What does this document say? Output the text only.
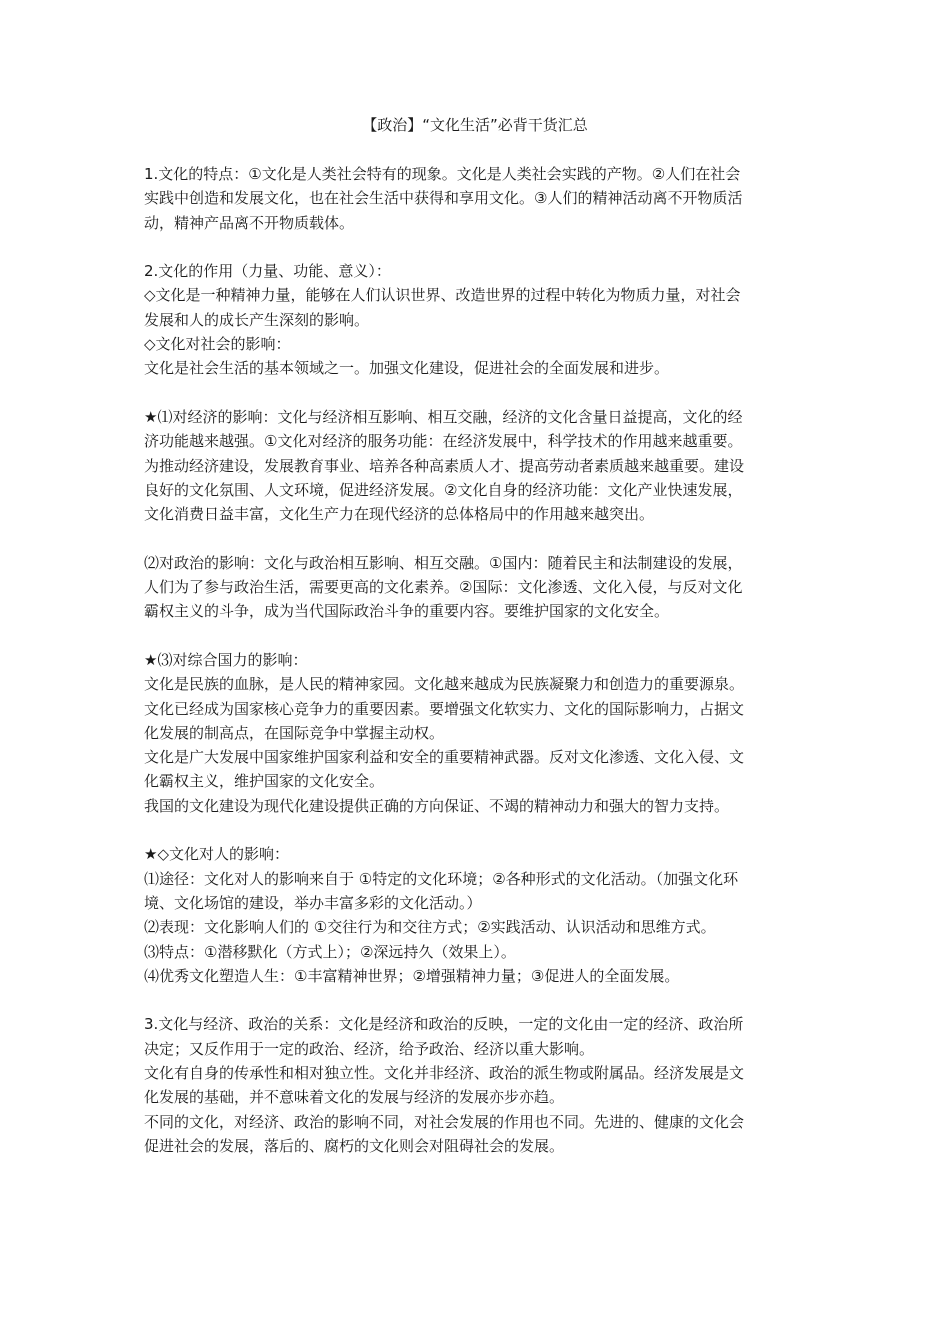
【政治】“文化生活”必背干货汇总
1.文化的特点：①文化是人类社会特有的现象。文化是人类社会实践的产物。②人们在社会
实践中创造和发展文化，也在社会生活中获得和享用文化。③人们的精神活动离不开物质活
动，精神产品离不开物质载体。
2.文化的作用（力量、功能、意义）：
◇文化是一种精神力量，能够在人们认识世界、改造世界的过程中转化为物质力量，对社会
发展和人的成长产生深刻的影响。
◇文化对社会的影响：
文化是社会生活的基本领域之一。加强文化建设，促进社会的全面发展和进步。
★⑴对经济的影响：文化与经济相互影响、相互交融，经济的文化含量日益提高，文化的经
济功能越来越强。①文化对经济的服务功能：在经济发展中，科学技术的作用越来越重要。
为推动经济建设，发展教育事业、培养各种高素质人才、提高劳动者素质越来越重要。建设
良好的文化氛围、人文环境，促进经济发展。②文化自身的经济功能：文化产业快速发展，
文化消费日益丰富，文化生产力在现代经济的总体格局中的作用越来越突出。
⑵对政治的影响：文化与政治相互影响、相互交融。①国内：随着民主和法制建设的发展，
人们为了参与政治生活，需要更高的文化素养。②国际：文化渗透、文化入侵，与反对文化
霸权主义的斗争，成为当代国际政治斗争的重要内容。要维护国家的文化安全。
★⑶对综合国力的影响：
文化是民族的血脉，是人民的精神家园。文化越来越成为民族凝聚力和创造力的重要源泉。
文化已经成为国家核心竞争力的重要因素。要增强文化软实力、文化的国际影响力，占据文
化发展的制高点，在国际竞争中掌握主动权。
文化是广大发展中国家维护国家利益和安全的重要精神武器。反对文化渗透、文化入侵、文
化霸权主义，维护国家的文化安全。
我国的文化建设为现代化建设提供正确的方向保证、不竭的精神动力和强大的智力支持。
★◇文化对人的影响：
⑴途径：文化对人的影响来自于 ①特定的文化环境；②各种形式的文化活动。（加强文化环
境、文化场馆的建设，举办丰富多彩的文化活动。）
⑵表现：文化影响人们的 ①交往行为和交往方式；②实践活动、认识活动和思维方式。
⑶特点：①潜移默化（方式上）；②深远持久（效果上）。
⑷优秀文化塑造人生：①丰富精神世界；②增强精神力量；③促进人的全面发展。
3.文化与经济、政治的关系：文化是经济和政治的反映，一定的文化由一定的经济、政治所
决定；又反作用于一定的政治、经济，给予政治、经济以重大影响。
文化有自身的传承性和相对独立性。文化并非经济、政治的派生物或附属品。经济发展是文
化发展的基础，并不意味着文化的发展与经济的发展亦步亦趋。
不同的文化，对经济、政治的影响不同，对社会发展的作用也不同。先进的、健康的文化会
促进社会的发展，落后的、腐朽的文化则会对阻碍社会的发展。
